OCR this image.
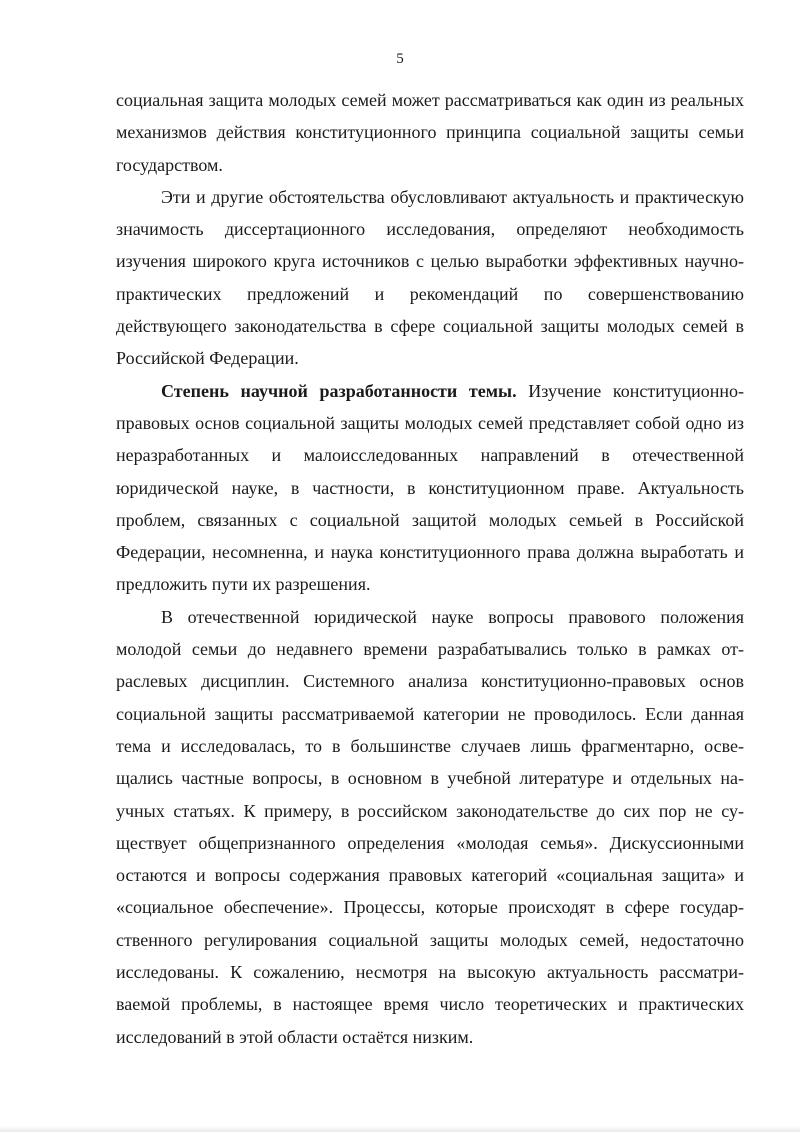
5

социальная защита молодых семей может рассматриваться как один из реальных механизмов действия конституционного принципа социальной защиты семьи государством.

Эти и другие обстоятельства обусловливают актуальность и практическую значимость диссертационного исследования, определяют необходимость изучения широкого круга источников с целью выработки эффективных научно-практических предложений и рекомендаций по совершенствованию действующего законодательства в сфере социальной защиты молодых семей в Российской Федерации.

Степень научной разработанности темы. Изучение конституционно-правовых основ социальной защиты молодых семей представляет собой одно из неразработанных и малоисследованных направлений в отечественной юридической науке, в частности, в конституционном праве. Актуальность проблем, связанных с социальной защитой молодых семьей в Российской Федерации, несомненна, и наука конституционного права должна выработать и предложить пути их разрешения.

В отечественной юридической науке вопросы правового положения молодой семьи до недавнего времени разрабатывались только в рамках отраслевых дисциплин. Системного анализа конституционно-правовых основ социальной защиты рассматриваемой категории не проводилось. Если данная тема и исследовалась, то в большинстве случаев лишь фрагментарно, освещались частные вопросы, в основном в учебной литературе и отдельных научных статьях. К примеру, в российском законодательстве до сих пор не существует общепризнанного определения «молодая семья». Дискуссионными остаются и вопросы содержания правовых категорий «социальная защита» и «социальное обеспечение». Процессы, которые происходят в сфере государственного регулирования социальной защиты молодых семей, недостаточно исследованы. К сожалению, несмотря на высокую актуальность рассматриваемой проблемы, в настоящее время число теоретических и практических исследований в этой области остаётся низким.
